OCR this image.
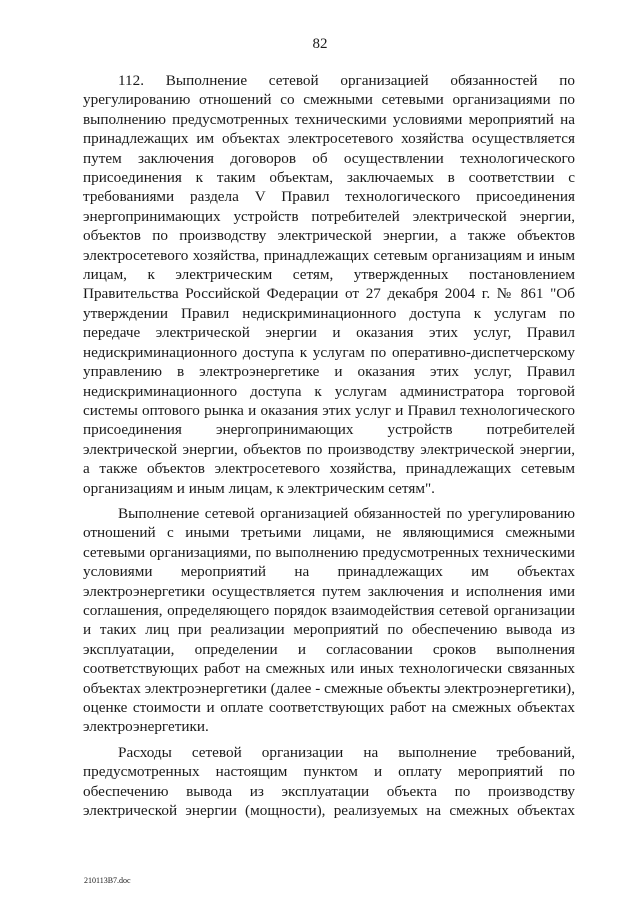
82

112. Выполнение сетевой организацией обязанностей по урегулированию отношений со смежными сетевыми организациями по выполнению предусмотренных техническими условиями мероприятий на принадлежащих им объектах электросетевого хозяйства осуществляется путем заключения договоров об осуществлении технологического присоединения к таким объектам, заключаемых в соответствии с требованиями раздела V Правил технологического присоединения энергопринимающих устройств потребителей электрической энергии, объектов по производству электрической энергии, а также объектов электросетевого хозяйства, принадлежащих сетевым организациям и иным лицам, к электрическим сетям, утвержденных постановлением Правительства Российской Федерации от 27 декабря 2004 г. № 861 "Об утверждении Правил недискриминационного доступа к услугам по передаче электрической энергии и оказания этих услуг, Правил недискриминационного доступа к услугам по оперативно-диспетчерскому управлению в электроэнергетике и оказания этих услуг, Правил недискриминационного доступа к услугам администратора торговой системы оптового рынка и оказания этих услуг и Правил технологического присоединения энергопринимающих устройств потребителей электрической энергии, объектов по производству электрической энергии, а также объектов электросетевого хозяйства, принадлежащих сетевым организациям и иным лицам, к электрическим сетям".

Выполнение сетевой организацией обязанностей по урегулированию отношений с иными третьими лицами, не являющимися смежными сетевыми организациями, по выполнению предусмотренных техническими условиями мероприятий на принадлежащих им объектах электроэнергетики осуществляется путем заключения и исполнения ими соглашения, определяющего порядок взаимодействия сетевой организации и таких лиц при реализации мероприятий по обеспечению вывода из эксплуатации, определении и согласовании сроков выполнения соответствующих работ на смежных или иных технологически связанных объектах электроэнергетики (далее - смежные объекты электроэнергетики), оценке стоимости и оплате соответствующих работ на смежных объектах электроэнергетики.

Расходы сетевой организации на выполнение требований, предусмотренных настоящим пунктом и оплату мероприятий по обеспечению вывода из эксплуатации объекта по производству электрической энергии (мощности), реализуемых на смежных объектах

210113В7.doc
